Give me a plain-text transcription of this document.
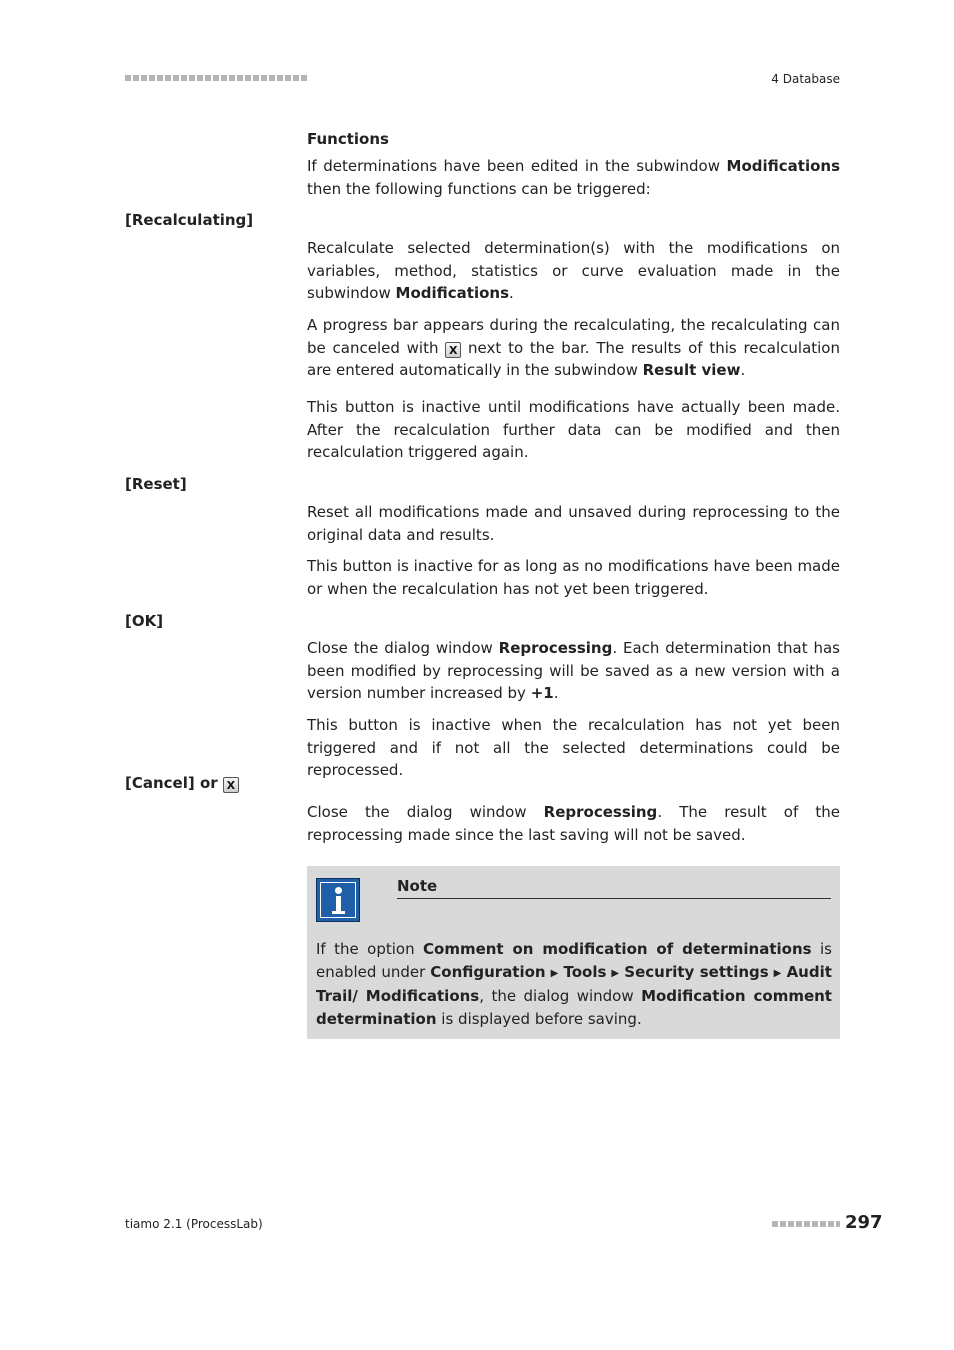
4 Database
Functions

If determinations have been edited in the subwindow Modifications then the following functions can be triggered:

[Recalculating]

Recalculate selected determination(s) with the modifications on variables, method, statistics or curve evaluation made in the subwindow Modifications.

A progress bar appears during the recalculating, the recalculating can be canceled with X next to the bar. The results of this recalculation are entered automatically in the subwindow Result view.

This button is inactive until modifications have actually been made. After the recalculation further data can be modified and then recalculation triggered again.

[Reset]

Reset all modifications made and unsaved during reprocessing to the original data and results.

This button is inactive for as long as no modifications have been made or when the recalculation has not yet been triggered.

[OK]

Close the dialog window Reprocessing. Each determination that has been modified by reprocessing will be saved as a new version with a version number increased by +1.

This button is inactive when the recalculation has not yet been triggered and if not all the selected determinations could be reprocessed.

[Cancel] or X

Close the dialog window Reprocessing. The result of the reprocessing made since the last saving will not be saved.

Note

If the option Comment on modification of determinations is enabled under Configuration ▶ Tools ▶ Security settings ▶ Audit Trail/ Modifications, the dialog window Modification comment determination is displayed before saving.

tiamo 2.1 (ProcessLab)	297
